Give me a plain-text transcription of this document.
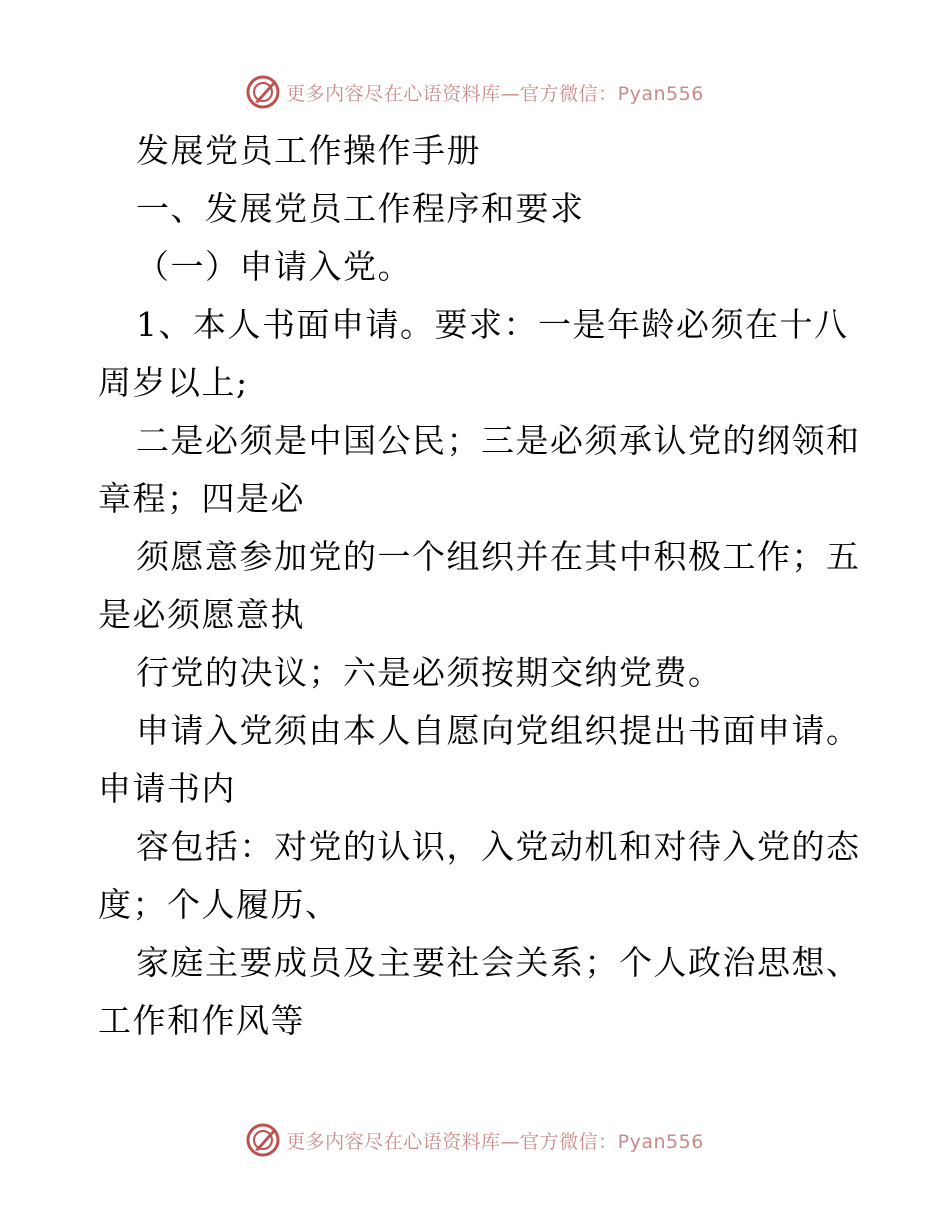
更多内容尽在心语资料库—官方微信：Pyan556
发展党员工作操作手册
一、发展党员工作程序和要求
（一）申请入党。
1、本人书面申请。要求：一是年龄必须在十八
周岁以上;
二是必须是中国公民；三是必须承认党的纲领和
章程；四是必
须愿意参加党的一个组织并在其中积极工作；五
是必须愿意执
行党的决议；六是必须按期交纳党费。
申请入党须由本人自愿向党组织提出书面申请。
申请书内
容包括：对党的认识，入党动机和对待入党的态
度；个人履历、
家庭主要成员及主要社会关系；个人政治思想、
工作和作风等
更多内容尽在心语资料库—官方微信：Pyan556
